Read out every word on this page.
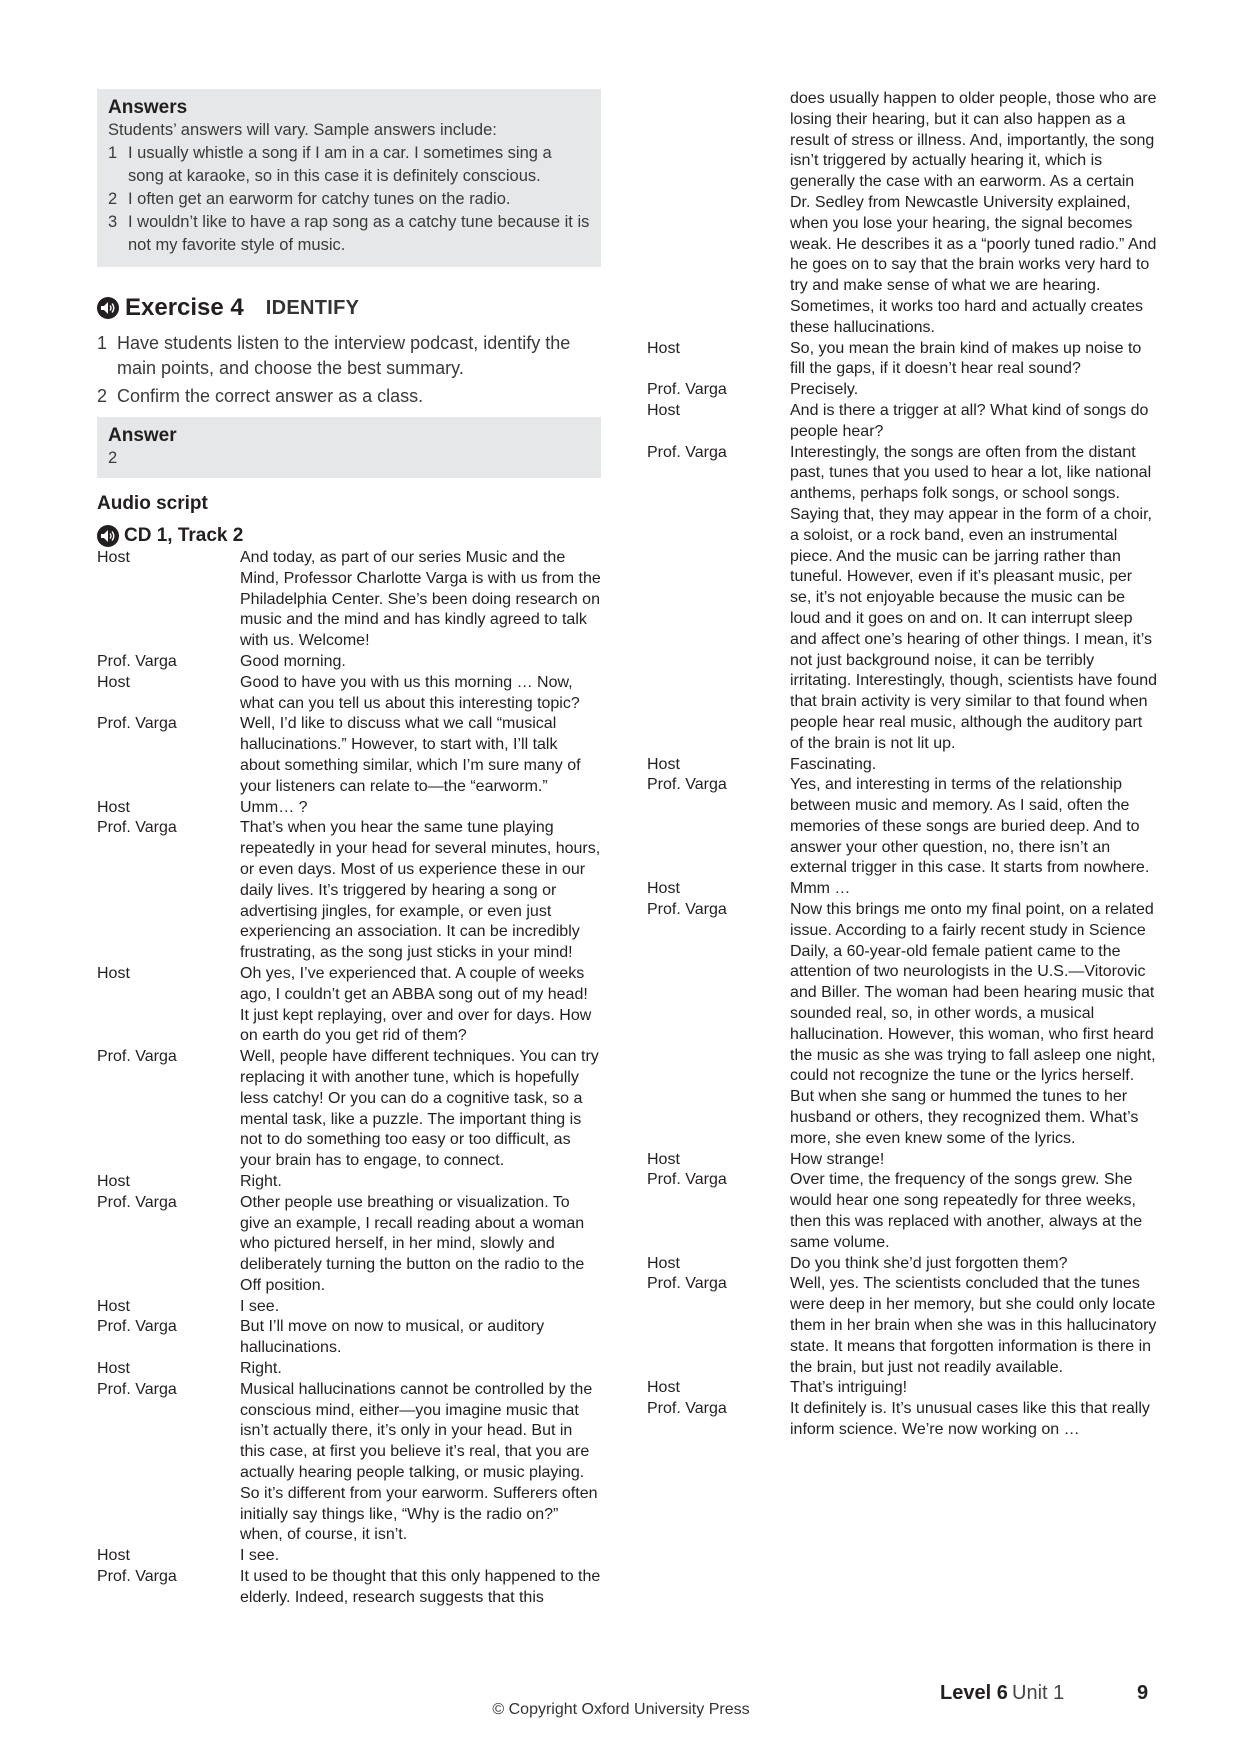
Answers
Students’ answers will vary. Sample answers include:
1 I usually whistle a song if I am in a car. I sometimes sing a song at karaoke, so in this case it is definitely conscious.
2 I often get an earworm for catchy tunes on the radio.
3 I wouldn’t like to have a rap song as a catchy tune because it is not my favorite style of music.
Exercise 4 IDENTIFY
1 Have students listen to the interview podcast, identify the main points, and choose the best summary.
2 Confirm the correct answer as a class.
Answer
2
Audio script
CD 1, Track 2
Host	And today, as part of our series Music and the Mind, Professor Charlotte Varga is with us from the Philadelphia Center. She’s been doing research on music and the mind and has kindly agreed to talk with us. Welcome!
Prof. Varga	Good morning.
Host	Good to have you with us this morning … Now, what can you tell us about this interesting topic?
Prof. Varga	Well, I’d like to discuss what we call “musical hallucinations.” However, to start with, I’ll talk about something similar, which I’m sure many of your listeners can relate to—the “earworm.”
Host	Umm… ?
Prof. Varga	That’s when you hear the same tune playing repeatedly in your head for several minutes, hours, or even days. Most of us experience these in our daily lives. It’s triggered by hearing a song or advertising jingles, for example, or even just experiencing an association. It can be incredibly frustrating, as the song just sticks in your mind!
Host	Oh yes, I’ve experienced that. A couple of weeks ago, I couldn’t get an ABBA song out of my head! It just kept replaying, over and over for days. How on earth do you get rid of them?
Prof. Varga	Well, people have different techniques. You can try replacing it with another tune, which is hopefully less catchy! Or you can do a cognitive task, so a mental task, like a puzzle. The important thing is not to do something too easy or too difficult, as your brain has to engage, to connect.
Host	Right.
Prof. Varga	Other people use breathing or visualization. To give an example, I recall reading about a woman who pictured herself, in her mind, slowly and deliberately turning the button on the radio to the Off position.
Host	I see.
Prof. Varga	But I’ll move on now to musical, or auditory hallucinations.
Host	Right.
Prof. Varga	Musical hallucinations cannot be controlled by the conscious mind, either—you imagine music that isn’t actually there, it’s only in your head. But in this case, at first you believe it’s real, that you are actually hearing people talking, or music playing. So it’s different from your earworm. Sufferers often initially say things like, “Why is the radio on?” when, of course, it isn’t.
Host	I see.
Prof. Varga	It used to be thought that this only happened to the elderly. Indeed, research suggests that this
does usually happen to older people, those who are losing their hearing, but it can also happen as a result of stress or illness. And, importantly, the song isn’t triggered by actually hearing it, which is generally the case with an earworm. As a certain Dr. Sedley from Newcastle University explained, when you lose your hearing, the signal becomes weak. He describes it as a “poorly tuned radio.” And he goes on to say that the brain works very hard to try and make sense of what we are hearing. Sometimes, it works too hard and actually creates these hallucinations.
Host	So, you mean the brain kind of makes up noise to fill the gaps, if it doesn’t hear real sound?
Prof. Varga	Precisely.
Host	And is there a trigger at all? What kind of songs do people hear?
Prof. Varga	Interestingly, the songs are often from the distant past, tunes that you used to hear a lot, like national anthems, perhaps folk songs, or school songs. Saying that, they may appear in the form of a choir, a soloist, or a rock band, even an instrumental piece. And the music can be jarring rather than tuneful. However, even if it’s pleasant music, per se, it’s not enjoyable because the music can be loud and it goes on and on. It can interrupt sleep and affect one’s hearing of other things. I mean, it’s not just background noise, it can be terribly irritating. Interestingly, though, scientists have found that brain activity is very similar to that found when people hear real music, although the auditory part of the brain is not lit up.
Host	Fascinating.
Prof. Varga	Yes, and interesting in terms of the relationship between music and memory. As I said, often the memories of these songs are buried deep. And to answer your other question, no, there isn’t an external trigger in this case. It starts from nowhere.
Host	Mmm …
Prof. Varga	Now this brings me onto my final point, on a related issue. According to a fairly recent study in Science Daily, a 60-year-old female patient came to the attention of two neurologists in the U.S.—Vitorovic and Biller. The woman had been hearing music that sounded real, so, in other words, a musical hallucination. However, this woman, who first heard the music as she was trying to fall asleep one night, could not recognize the tune or the lyrics herself. But when she sang or hummed the tunes to her husband or others, they recognized them. What’s more, she even knew some of the lyrics.
Host	How strange!
Prof. Varga	Over time, the frequency of the songs grew. She would hear one song repeatedly for three weeks, then this was replaced with another, always at the same volume.
Host	Do you think she’d just forgotten them?
Prof. Varga	Well, yes. The scientists concluded that the tunes were deep in her memory, but she could only locate them in her brain when she was in this hallucinatory state. It means that forgotten information is there in the brain, but just not readily available.
Host	That’s intriguing!
Prof. Varga	It definitely is. It’s unusual cases like this that really inform science. We’re now working on …
Level 6 Unit 1	9
© Copyright Oxford University Press
